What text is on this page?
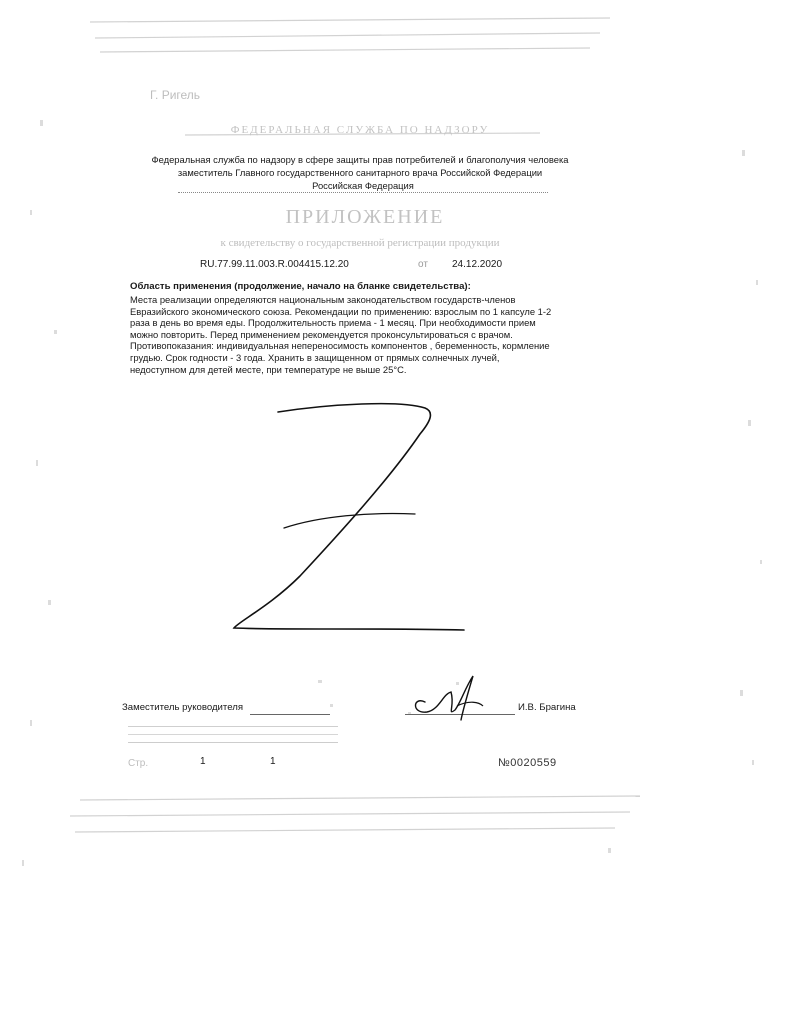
Г. Ригель
ФЕДЕРАЛЬНАЯ СЛУЖБА ПО НАДЗОРУ
Федеральная служба по надзору в сфере защиты прав потребителей и благополучия человека
заместитель Главного государственного санитарного врача Российской Федерации
Российская Федерация
ПРИЛОЖЕНИЕ
к свидетельству о государственной регистрации продукции
RU.77.99.11.003.R.004415.12.20	от 24.12.2020
Область применения (продолжение, начало на бланке свидетельства):
Места реализации определяются национальным законодательством государств-членов
Евразийского экономического союза. Рекомендации по применению: взрослым по 1 капсуле 1-2
раза в день во время еды. Продолжительность приема - 1 месяц. При необходимости прием
можно повторить. Перед применением рекомендуется проконсультироваться с врачом.
Противопоказания: индивидуальная непереносимость компонентов , беременность, кормление
грудью. Срок годности - 3 года. Хранить в защищенном от прямых солнечных лучей,
недоступном для детей месте, при температуре не выше 25°С.
Заместитель руководителя	И.В. Брагина
Стр.	1	1	№0020559
